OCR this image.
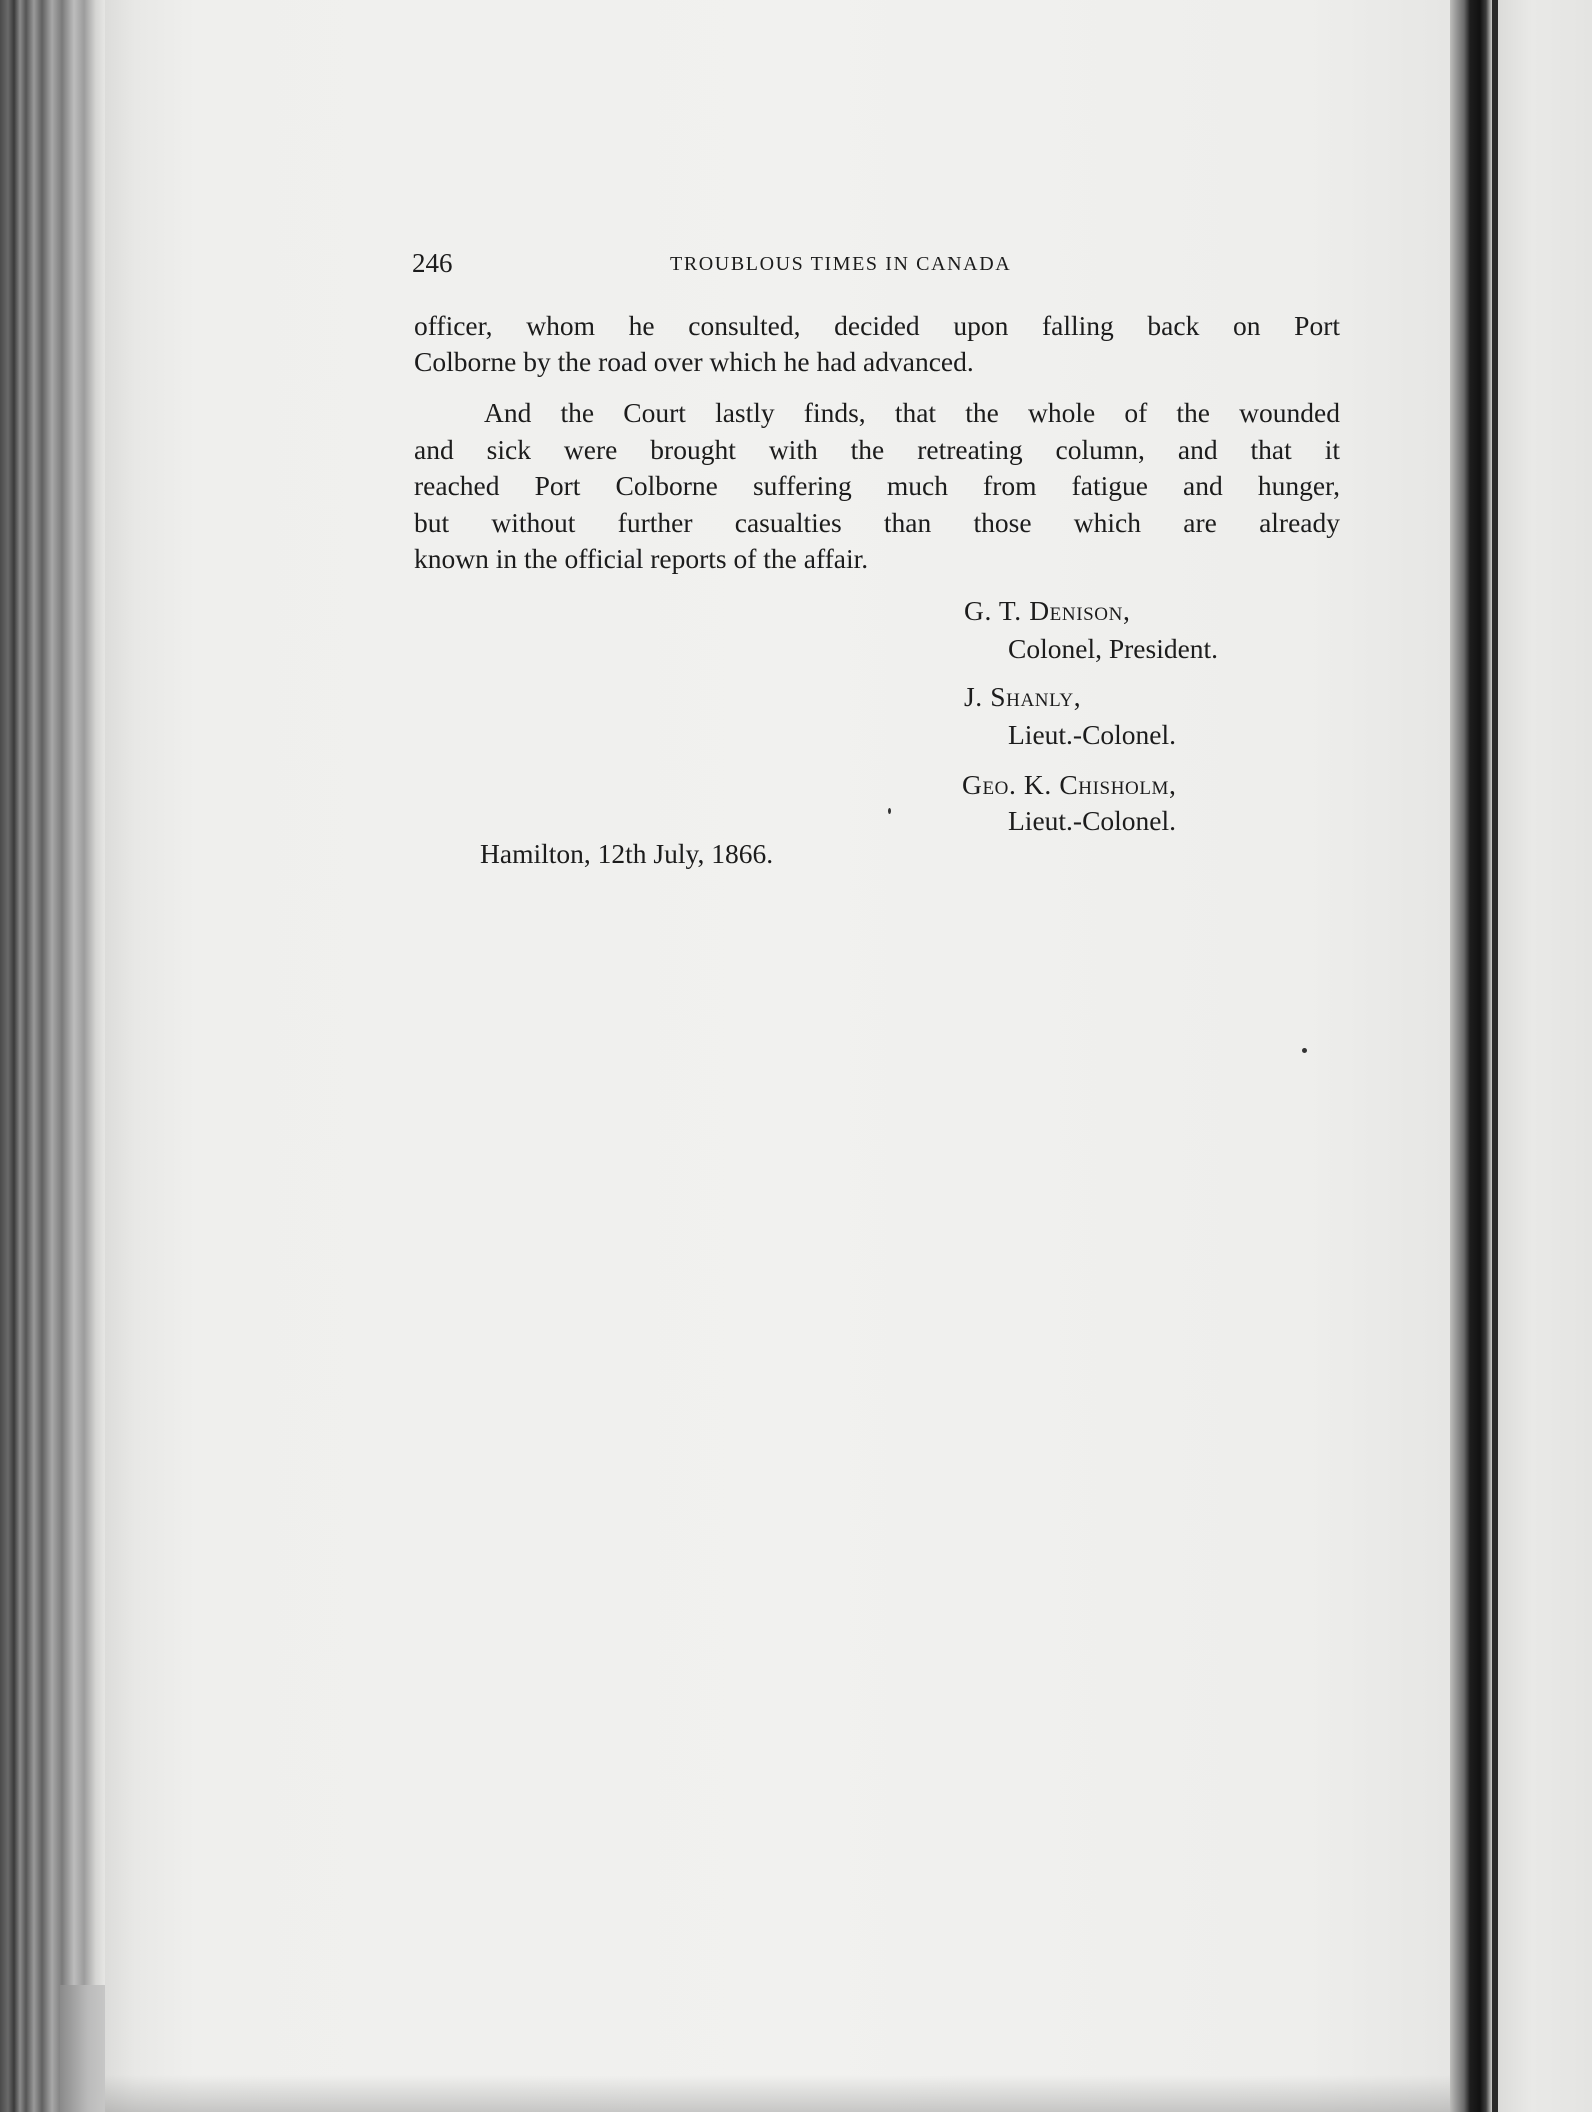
246	TROUBLOUS TIMES IN CANADA
officer, whom he consulted, decided upon falling back on Port
Colborne by the road over which he had advanced.
And the Court lastly finds, that the whole of the wounded
and sick were brought with the retreating column, and that it
reached Port Colborne suffering much from fatigue and hunger,
but without further casualties than those which are already
known in the official reports of the affair.
G. T. Denison,
Colonel, President.
J. Shanly,
Lieut.-Colonel.
Geo. K. Chisholm,
Lieut.-Colonel.
Hamilton, 12th July, 1866.
